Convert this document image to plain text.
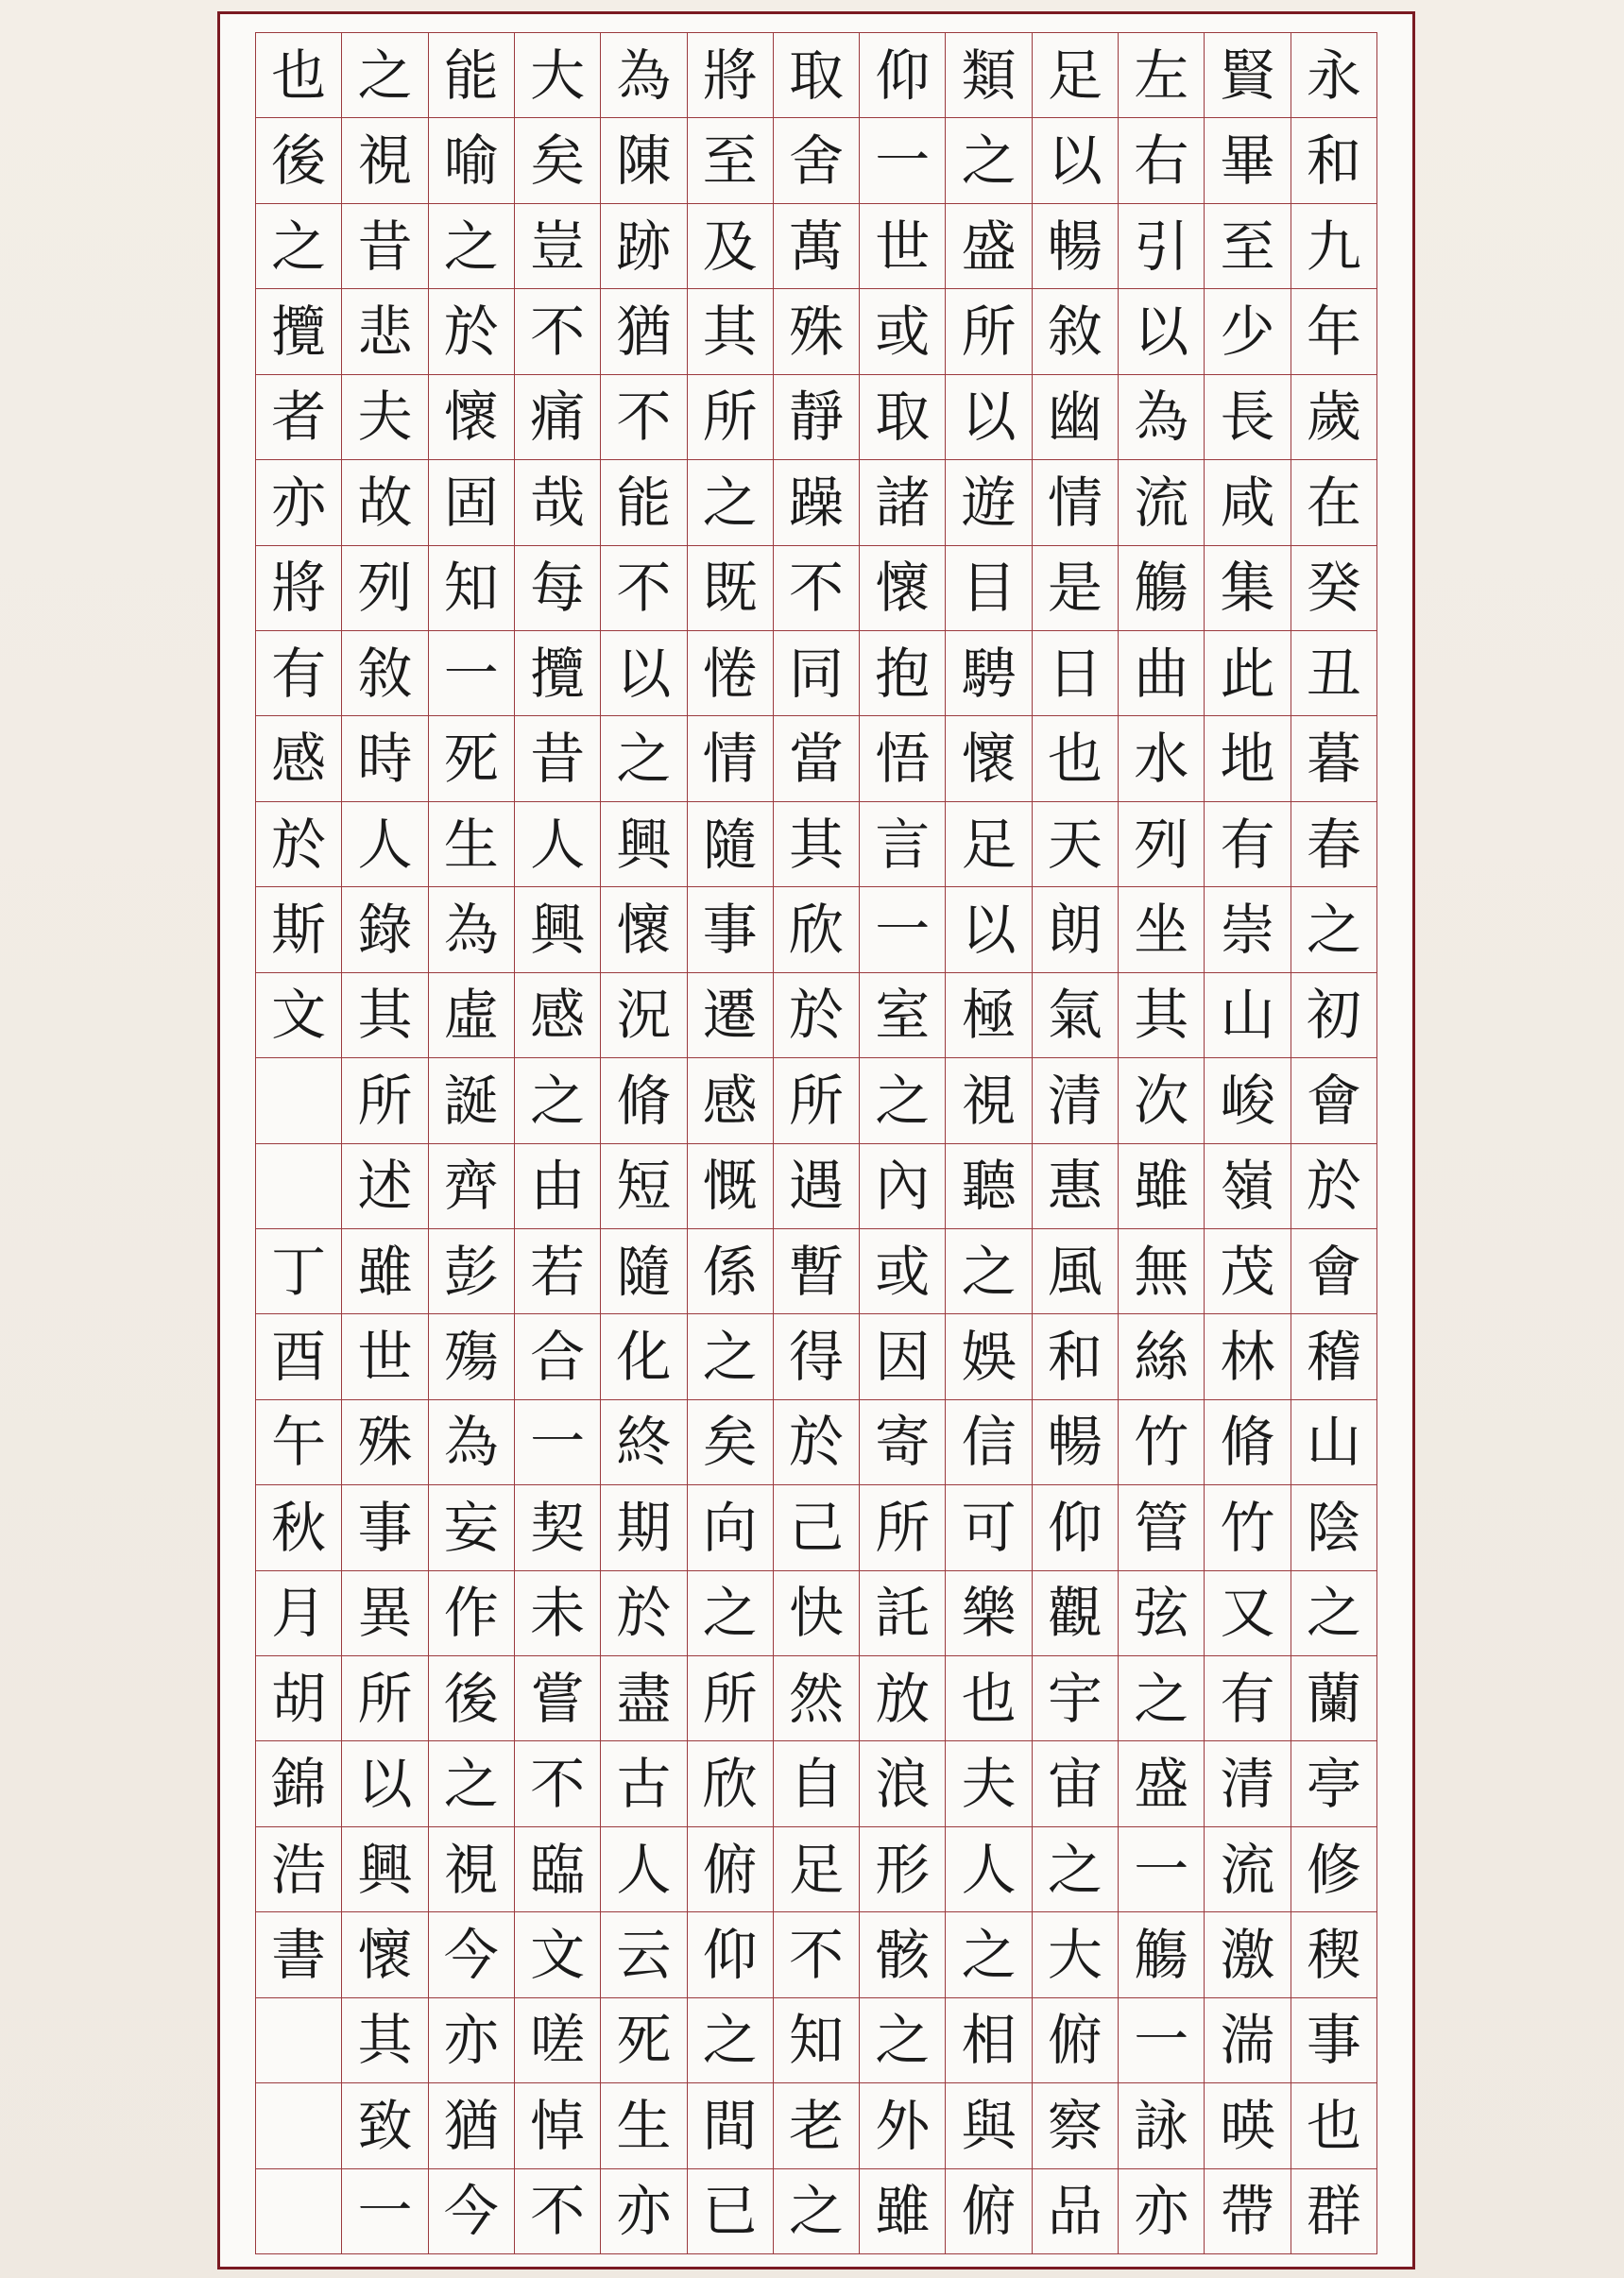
也 之 能 大 為 將 取 仰 類 足 左 賢 永
後 視 喻 矣 陳 至 舍 一 之 以 右 畢 和
之 昔 之 豈 跡 及 萬 世 盛 暢 引 至 九
攬 悲 於 不 猶 其 殊 或 所 敘 以 少 年
者 夫 懷 痛 不 所 靜 取 以 幽 為 長 歲
亦 故 固 哉 能 之 躁 諸 遊 情 流 咸 在
將 列 知 每 不 既 不 懷 目 是 觴 集 癸
有 敘 一 攬 以 惓 同 抱 騁 日 曲 此 丑
感 時 死 昔 之 情 當 悟 懷 也 水 地 暮
於 人 生 人 興 隨 其 言 足 天 列 有 春
斯 錄 為 興 懷 事 欣 一 以 朗 坐 崇 之
文 其 虛 感 況 遷 於 室 極 氣 其 山 初
所 誕 之 脩 感 所 之 視 清 次 峻 會
述 齊 由 短 慨 遇 內 聽 惠 雖 嶺 於
丁 雖 彭 若 隨 係 暫 或 之 風 無 茂 會
酉 世 殤 合 化 之 得 因 娛 和 絲 林 稽
午 殊 為 一 終 矣 於 寄 信 暢 竹 脩 山
秋 事 妄 契 期 向 己 所 可 仰 管 竹 陰
月 異 作 未 於 之 快 託 樂 觀 弦 又 之
胡 所 後 嘗 盡 所 然 放 也 宇 之 有 蘭
錦 以 之 不 古 欣 自 浪 夫 宙 盛 清 亭
浩 興 視 臨 人 俯 足 形 人 之 一 流 修
書 懷 今 文 云 仰 不 骸 之 大 觴 激 稧
其 亦 嗟 死 之 知 之 相 俯 一 湍 事
致 猶 悼 生 間 老 外 與 察 詠 暎 也
一 今 不 亦 已 之 雖 俯 品 亦 帶 群
